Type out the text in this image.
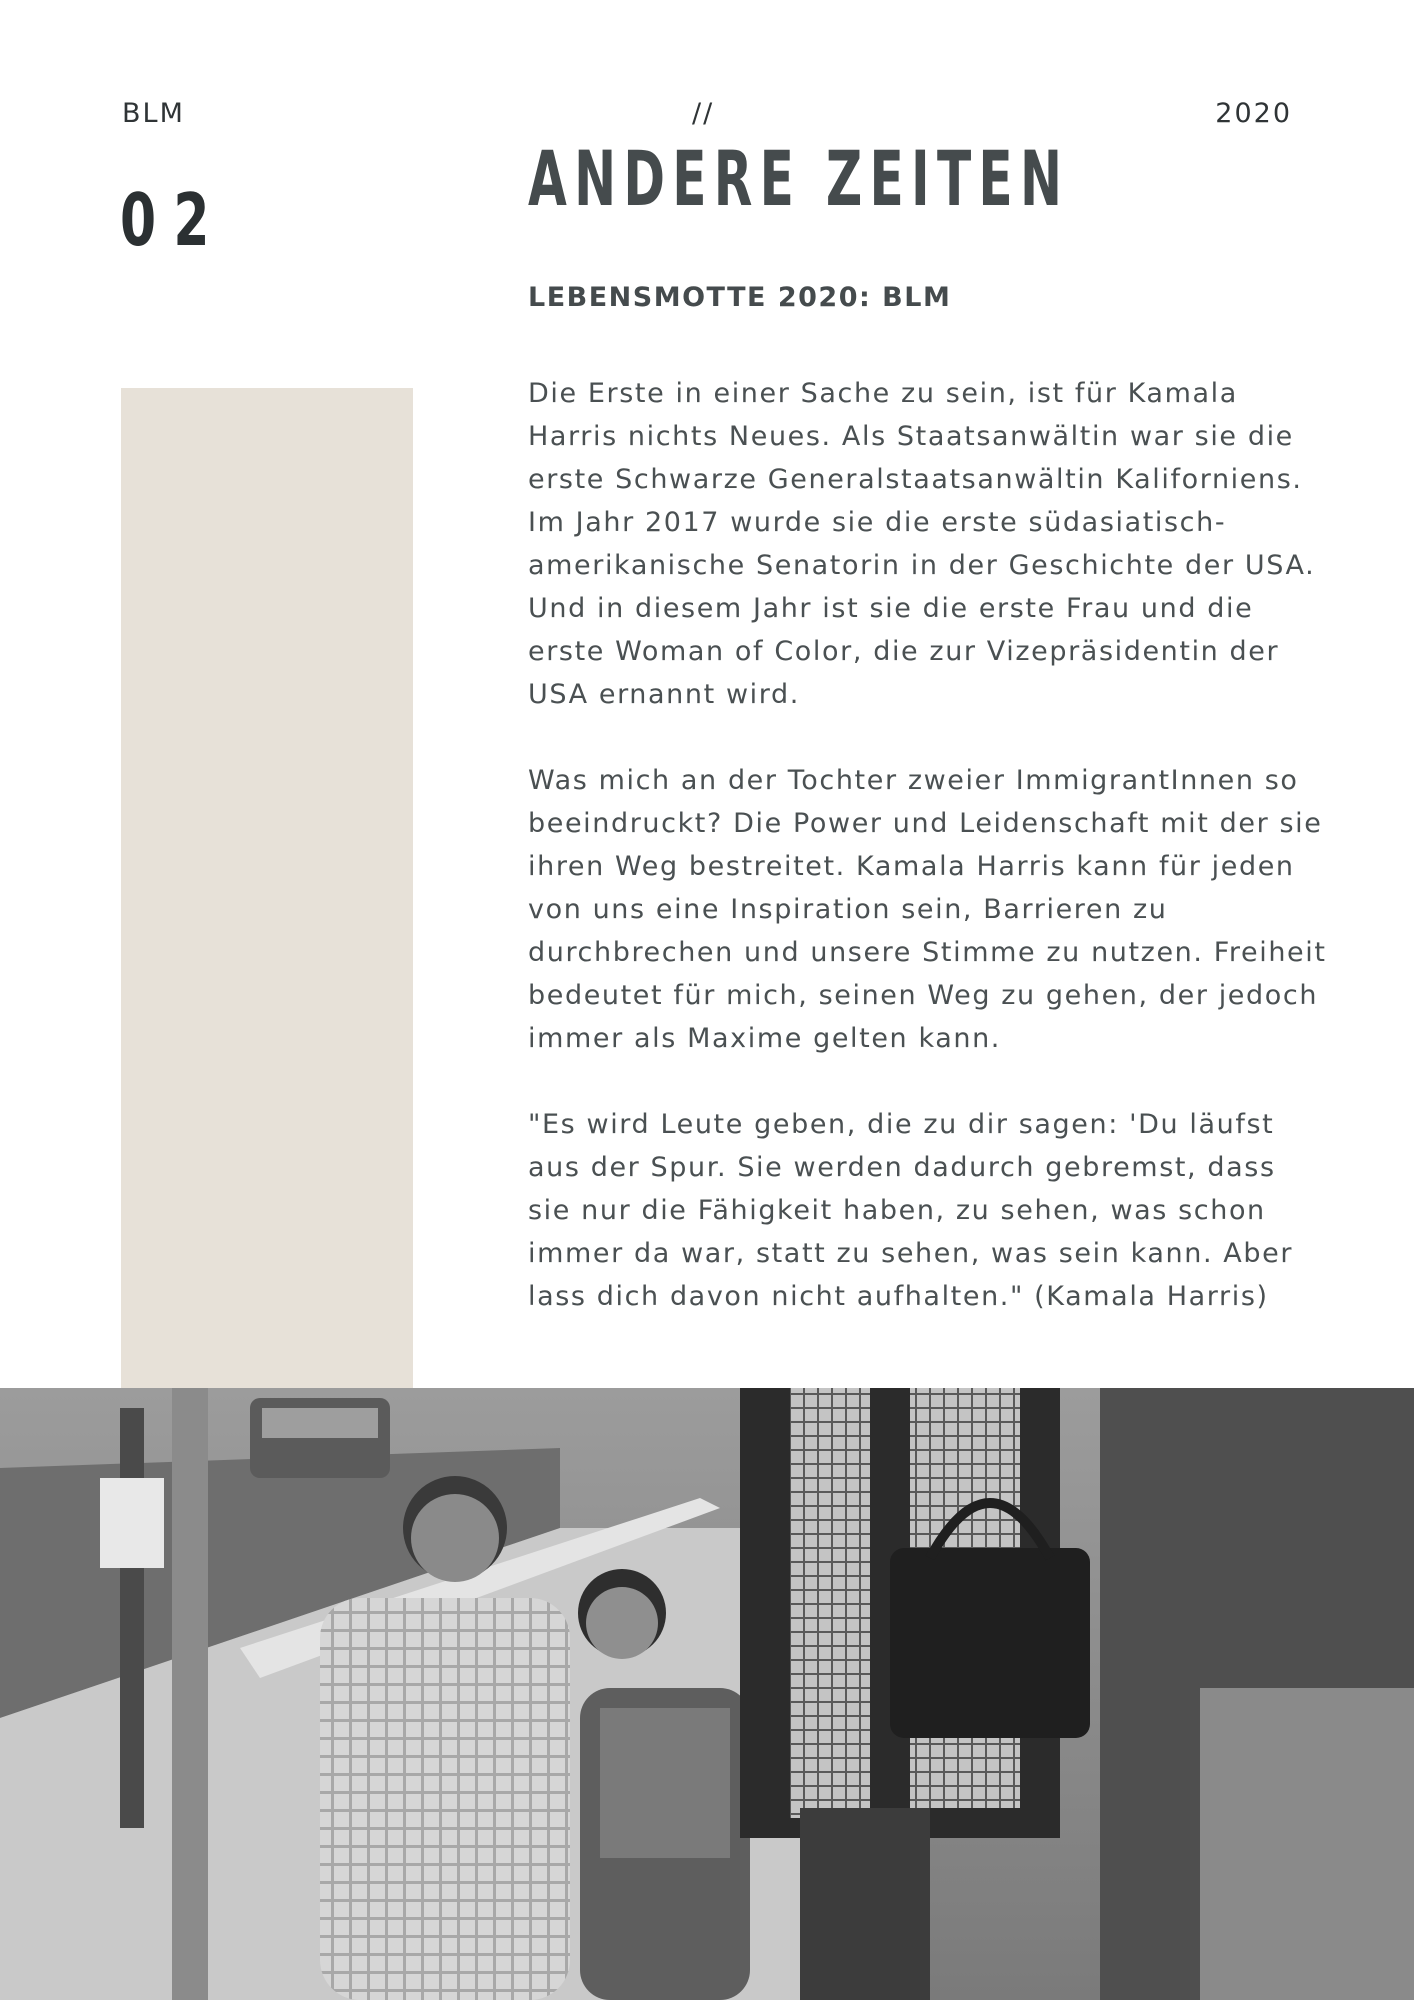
BLM	//	2020
02	ANDERE ZEITEN
LEBENSMOTTE 2020: BLM

Die Erste in einer Sache zu sein, ist für Kamala Harris nichts Neues. Als Staatsanwältin war sie die erste Schwarze Generalstaatsanwältin Kaliforniens. Im Jahr 2017 wurde sie die erste südasiatisch-amerikanische Senatorin in der Geschichte der USA. Und in diesem Jahr ist sie die erste Frau und die erste Woman of Color, die zur Vizepräsidentin der USA ernannt wird.

Was mich an der Tochter zweier ImmigrantInnen so beeindruckt? Die Power und Leidenschaft mit der sie ihren Weg bestreitet. Kamala Harris kann für jeden von uns eine Inspiration sein, Barrieren zu durchbrechen und unsere Stimme zu nutzen. Freiheit bedeutet für mich, seinen Weg zu gehen, der jedoch immer als Maxime gelten kann.

"Es wird Leute geben, die zu dir sagen: 'Du läufst aus der Spur. Sie werden dadurch gebremst, dass sie nur die Fähigkeit haben, zu sehen, was schon immer da war, statt zu sehen, was sein kann. Aber lass dich davon nicht aufhalten." (Kamala Harris)
